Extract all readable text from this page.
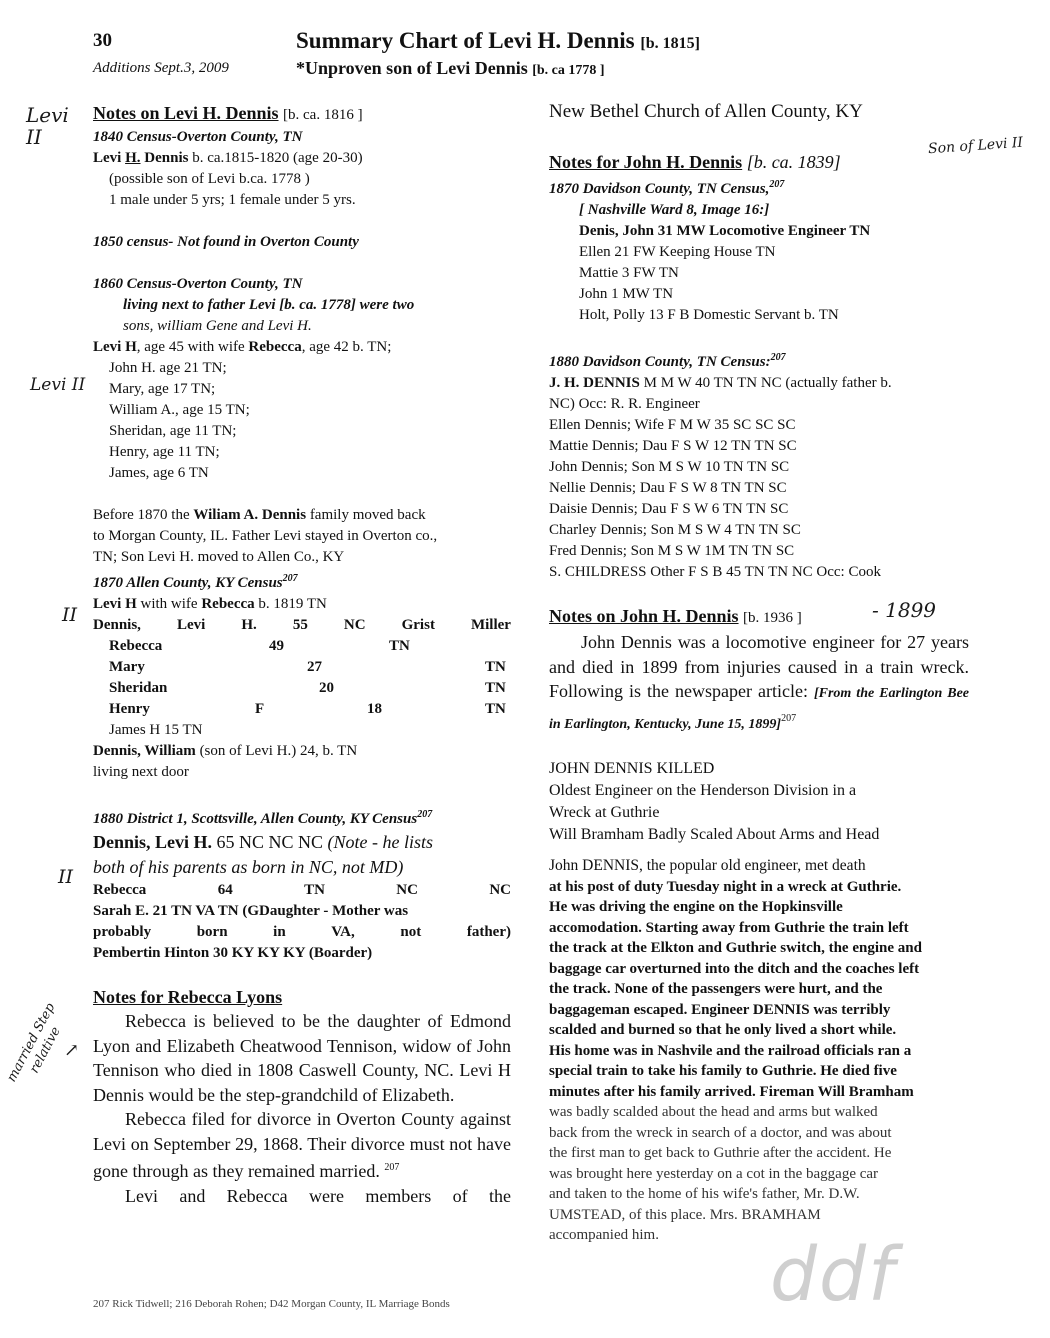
30
Additions Sept.3, 2009
Summary Chart of Levi H. Dennis [b. 1815]
*Unproven son of Levi Dennis [b. ca 1778 ]
Notes on Levi H. Dennis [b. ca. 1816 ]

1840 Census-Overton County, TN

Levi H. Dennis b. ca.1815-1820 (age 20-30)

(possible son of Levi b.ca. 1778 )

1 male under 5 yrs; 1 female under 5 yrs.

1850 census- Not found in Overton County

1860 Census-Overton County, TN

living next to father Levi [b. ca. 1778] were two

sons, william Gene and Levi H.

Levi H, age 45 with wife Rebecca, age 42 b. TN;

John H. age 21 TN;

Mary, age 17 TN;

William A., age 15 TN;

Sheridan, age 11 TN;

Henry, age 11 TN;

James, age 6 TN

Before 1870 the Wiliam A. Dennis family moved back

to Morgan County, IL. Father Levi stayed in Overton co.,

TN; Son Levi H. moved to Allen Co., KY

1870 Allen County, KY Census$^{207}$

Levi H with wife Rebecca b. 1819 TN

Dennis, Levi H. 55 NC Grist Miller
Rebecca	49	TN
Mary	27	TN
Sheridan	20	TN
Henry	F	18	TN

James H 15 TN

Dennis, William (son of Levi H.) 24, b. TN

living next door

1880 District 1, Scottsville, Allen County, KY Census$^{207}$

Dennis, Levi H. 65 NC NC NC (Note - he lists

both of his parents as born in NC, not MD)

Rebecca	64	TN	NC	NC

Sarah E. 21 TN VA TN (GDaughter - Mother was

probably	born	in	VA,	not	father)

Pembertin Hinton 30 KY KY KY (Boarder)

Notes for Rebecca Lyons

Rebecca is believed to be the daughter of Edmond Lyon and Elizabeth Cheatwood Tennison, widow of John Tennison who died in 1808 Caswell County, NC. Levi H Dennis would be the step-grandchild of Elizabeth.

Rebecca filed for divorce in Overton County against Levi on September 29, 1868. Their divorce must not have gone through as they remained married. $^{207}$

Levi and Rebecca were members of the

New Bethel Church of Allen County, KY

Notes for John H. Dennis [b. ca. 1839]

1870 Davidson County, TN Census,$^{207}$

[ Nashville Ward 8, Image 16:]

Denis, John 31 MW Locomotive Engineer TN

Ellen 21 FW Keeping House TN

Mattie 3 FW TN

John 1 MW TN

Holt, Polly 13 F B Domestic Servant b. TN

1880 Davidson County, TN Census:$^{207}$

J. H. DENNIS M M W 40 TN TN NC (actually father b.

NC) Occ: R. R. Engineer

Ellen Dennis; Wife F M W 35 SC SC SC

Mattie Dennis; Dau F S W 12 TN TN SC

John Dennis; Son M S W 10 TN TN SC

Nellie Dennis; Dau F S W 8 TN TN SC

Daisie Dennis; Dau F S W 6 TN TN SC

Charley Dennis; Son M S W 4 TN TN SC

Fred Dennis; Son M S W 1M TN TN SC

S. CHILDRESS Other F S B 45 TN TN NC Occ: Cook

Notes on John H. Dennis [b. 1936 ]

John Dennis was a locomotive engineer for 27 years and died in 1899 from injuries caused in a train wreck. Following is the newspaper article: [From the Earlington Bee in Earlington, Kentucky, June 15, 1899]$^{207}$

JOHN DENNIS KILLED

Oldest Engineer on the Henderson Division in a

Wreck at Guthrie

Will Bramham Badly Scaled About Arms and Head

John DENNIS, the popular old engineer, met death

at his post of duty Tuesday night in a wreck at Guthrie.

He was driving the engine on the Hopkinsville

accomodation. Starting away from Guthrie the train left

the track at the Elkton and Guthrie switch, the engine and

baggage car overturned into the ditch and the coaches left

the track. None of the passengers were hurt, and the

baggageman escaped. Engineer DENNIS was terribly

scalded and burned so that he only lived a short while.

His home was in Nashvile and the railroad officials ran a

special train to take his family to Guthrie. He died five

minutes after his family arrived. Fireman Will Bramham

was badly scalded about the head and arms but walked

back from the wreck in search of a doctor, and was about

the first man to get back to Guthrie after the accident. He

was brought here yesterday on a cot in the baggage car

and taken to the home of his wife's father, Mr. D.W.

UMSTEAD, of this place. Mrs. BRAMHAM

accompanied him.

Levi II	Son of Levi II
Levi II
II
II
married Step relative ↗
- 1899
ddf
207 Rick Tidwell; 216 Deborah Rohen; D42 Morgan County, IL Marriage Bonds
